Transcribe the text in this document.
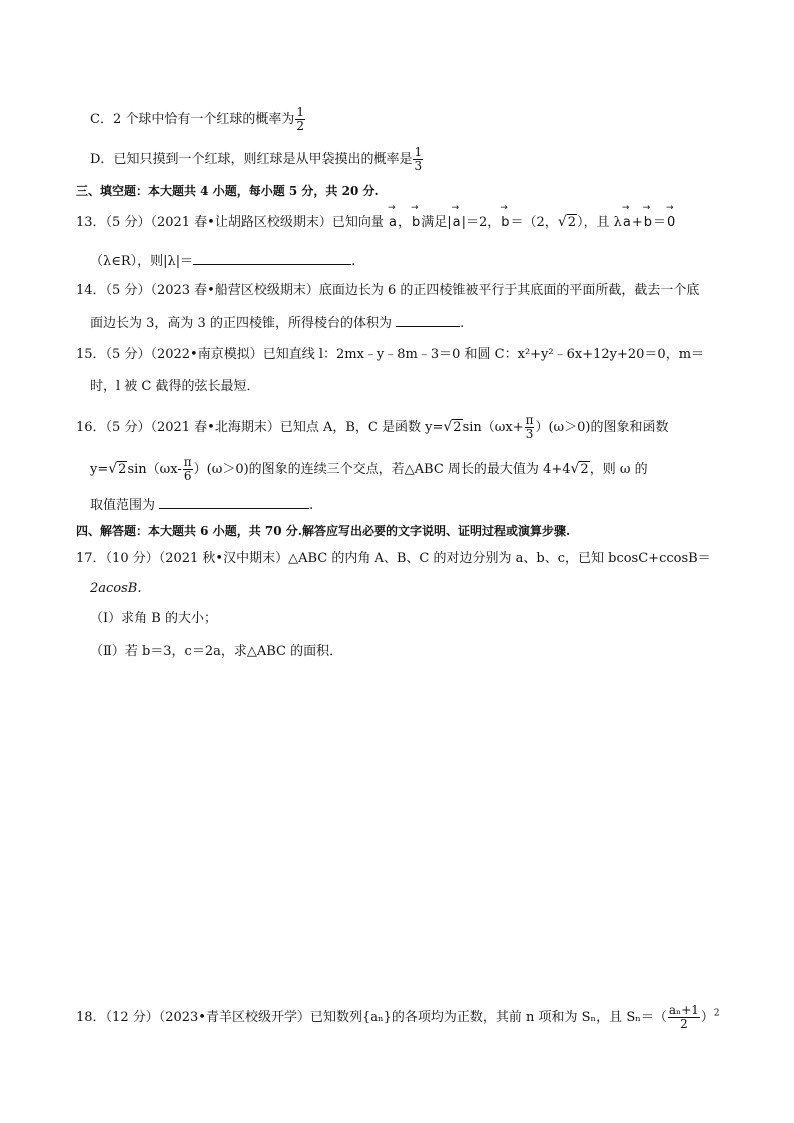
C．2 个球中恰有一个红球的概率为 $\frac{1}{2}$
D．已知只摸到一个红球，则红球是从甲袋摸出的概率是 $\frac{1}{3}$
三、填空题：本大题共 4 小题，每小题 5 分，共 20 分.
13．（5 分）（2021 春•让胡路区校级期末）已知向量 → a，→ b满足|→ a|＝2，→ b＝（2，√2），且 λ→ a+→ b＝→ 0
（λ∈R），则|λ|＝	.
14．（5 分）（2023 春•船营区校级期末）底面边长为 6 的正四棱锥被平行于其底面的平面所截，截去一个底
面边长为 3，高为 3 的正四棱锥，所得棱台的体积为	.
15．（5 分）（2022•南京模拟）已知直线 l：2mx﹣y﹣8m﹣3＝0 和圆 C：x²+y²﹣6x+12y+20＝0，m＝
时，l 被 C 截得的弦长最短．
16．（5 分）（2021 春•北海期末）已知点 A，B，C 是函数 $y=√2\sin(\omega x+ \frac{\pi}{3} )(\omega>0)$的图象和函数
$y=√2\sin(\omega x- \frac{\pi}{6} )(\omega>0)$的图象的连续三个交点，若△ABC 周长的最大值为 4+4√2，则 ω 的
取值范围为	.
四、解答题：本大题共 6 小题，共 70 分.解答应写出必要的文字说明、证明过程或演算步骤.
17．（10 分）（2021 秋•汉中期末）△ABC 的内角 A、B、C 的对边分别为 a、b、c，已知 bcosC+ccosB＝
2acosB.
（Ⅰ）求角 B 的大小；
（Ⅱ）若 b＝3，c＝2a，求△ABC 的面积．
18．（12 分）（2023•青羊区校级开学）已知数列{aₙ}的各项均为正数，其前 n 项和为 Sₙ，且 $S_n=( \frac{\text{aₙ+1}}{2} )^2$
